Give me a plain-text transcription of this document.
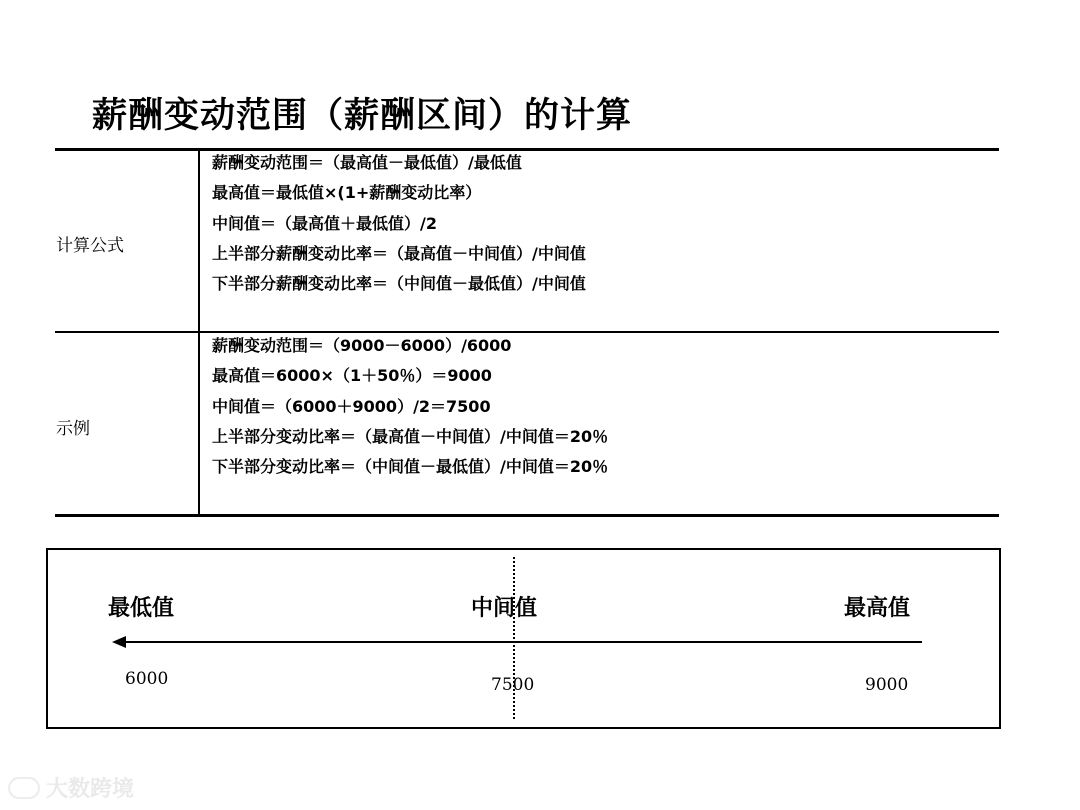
薪酬变动范围（薪酬区间）的计算
计算公式
薪酬变动范围＝（最高值－最低值）/最低值
最高值＝最低值×(1+薪酬变动比率）
中间值＝（最高值＋最低值）/2
上半部分薪酬变动比率＝（最高值－中间值）/中间值
下半部分薪酬变动比率＝（中间值－最低值）/中间值
示例
薪酬变动范围＝（9000－6000）/6000
最高值＝6000×（1＋50％）＝9000
中间值＝（6000＋9000）/2＝7500
上半部分变动比率＝（最高值－中间值）/中间值＝20％
下半部分变动比率＝（中间值－最低值）/中间值＝20％
最低值	中间值	最高值
6000	7500	9000
大数跨境
